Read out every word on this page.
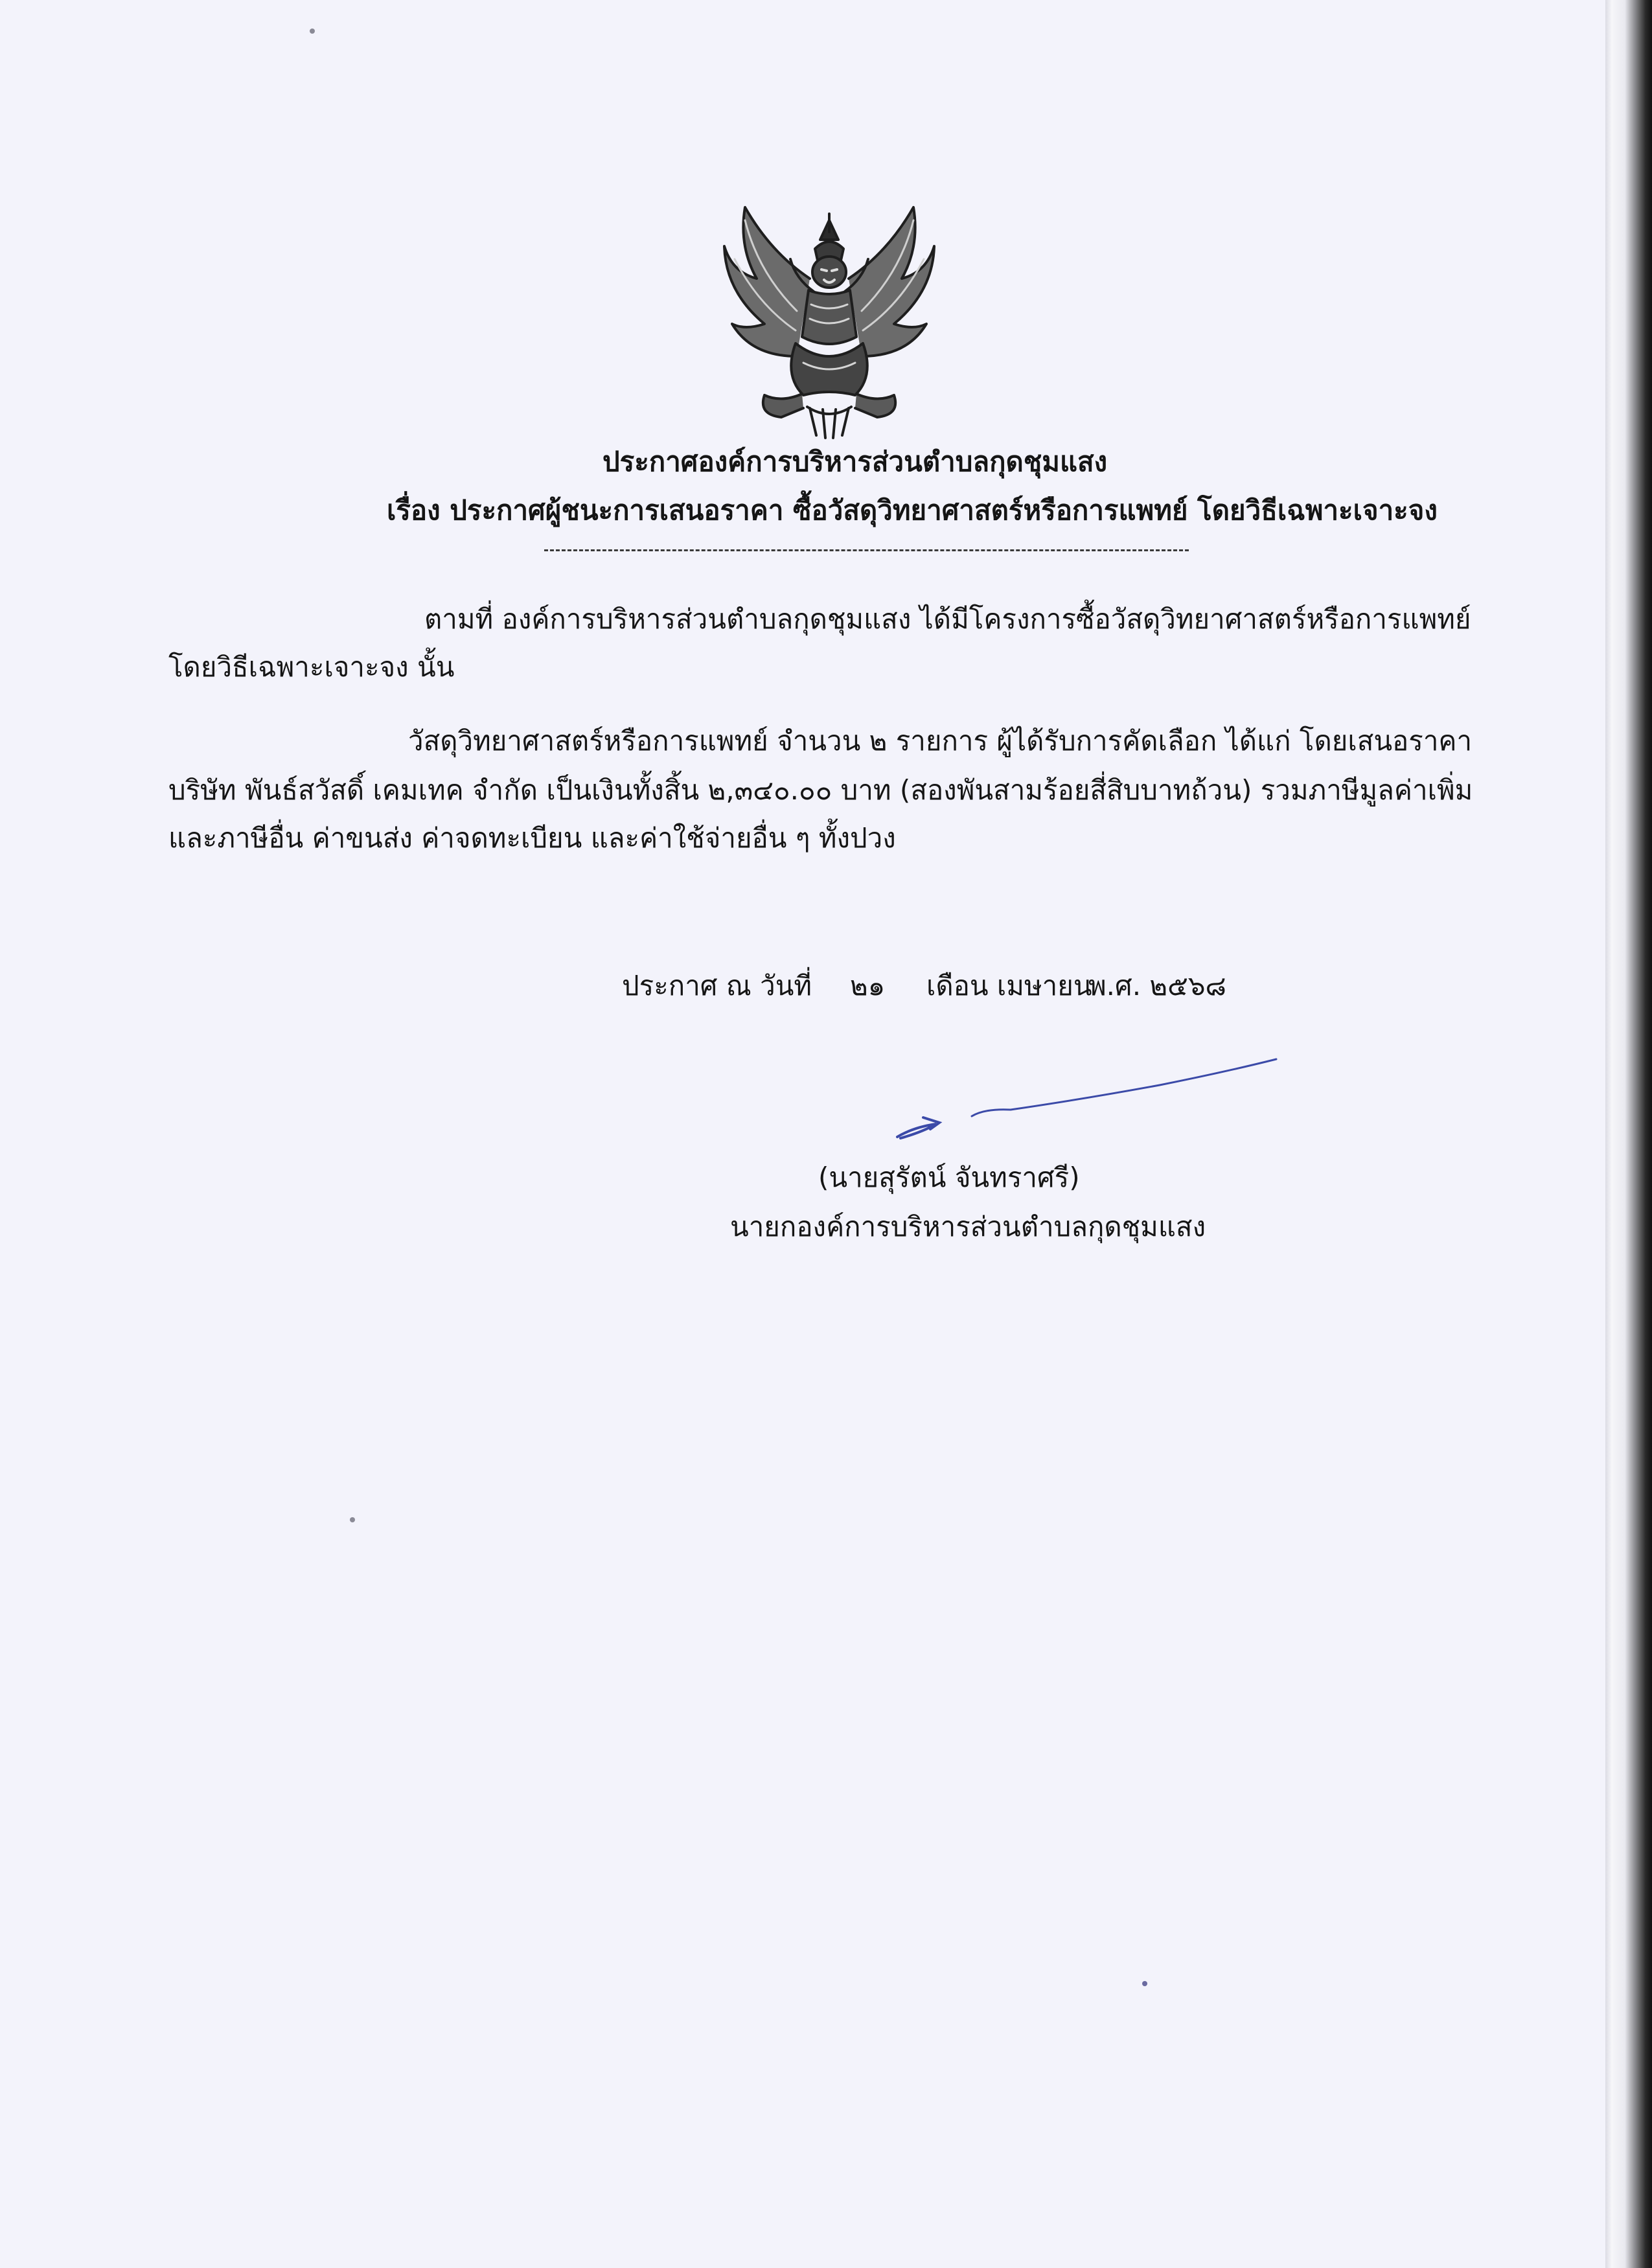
ประกาศองค์การบริหารส่วนตำบลกุดชุมแสง
เรื่อง ประกาศผู้ชนะการเสนอราคา ซื้อวัสดุวิทยาศาสตร์หรือการแพทย์ โดยวิธีเฉพาะเจาะจง
ตามที่ องค์การบริหารส่วนตำบลกุดชุมแสง ได้มีโครงการซื้อวัสดุวิทยาศาสตร์หรือการแพทย์
โดยวิธีเฉพาะเจาะจง นั้น
วัสดุวิทยาศาสตร์หรือการแพทย์ จำนวน ๒ รายการ ผู้ได้รับการคัดเลือก ได้แก่ โดยเสนอราคา
บริษัท พันธ์สวัสดิ์ เคมเทค จำกัด เป็นเงินทั้งสิ้น ๒,๓๔๐.๐๐ บาท (สองพันสามร้อยสี่สิบบาทถ้วน) รวมภาษีมูลค่าเพิ่ม
และภาษีอื่น ค่าขนส่ง ค่าจดทะเบียน และค่าใช้จ่ายอื่น ๆ ทั้งปวง
ประกาศ ณ วันที่ ๒๑ เดือน เมษายน
พ.ศ. ๒๕๖๘
(นายสุรัตน์ จันทราศรี)
นายกองค์การบริหารส่วนตำบลกุดชุมแสง
